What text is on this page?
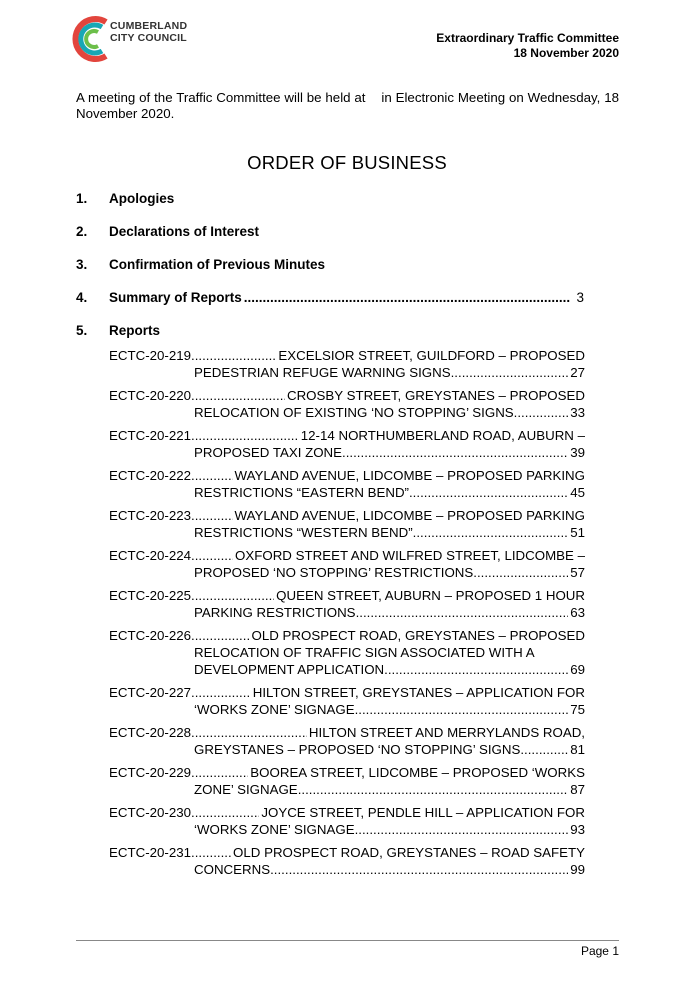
CUMBERLAND
CITY COUNCIL	Extraordinary Traffic Committee
18 November 2020
A meeting of the Traffic Committee will be held at in Electronic Meeting on Wednesday, 18 November 2020.
ORDER OF BUSINESS
1. Apologies
2. Declarations of Interest
3. Confirmation of Previous Minutes
4.	Summary of Reports .....	3
5. Reports
ECTC-20-219 .....	EXCELSIOR STREET, GUILDFORD – PROPOSED
PEDESTRIAN REFUGE WARNING SIGNS .....	27
ECTC-20-220 .....	CROSBY STREET, GREYSTANES – PROPOSED
RELOCATION OF EXISTING ‘NO STOPPING’ SIGNS .....	33
ECTC-20-221 .....	12-14 NORTHUMBERLAND ROAD, AUBURN –
PROPOSED TAXI ZONE .....	39
ECTC-20-222 .....	WAYLAND AVENUE, LIDCOMBE – PROPOSED PARKING
RESTRICTIONS “EASTERN BEND” .....	45
ECTC-20-223 .....	WAYLAND AVENUE, LIDCOMBE – PROPOSED PARKING
RESTRICTIONS “WESTERN BEND” .....	51
ECTC-20-224 .....	OXFORD STREET AND WILFRED STREET, LIDCOMBE –
PROPOSED ‘NO STOPPING’ RESTRICTIONS .....	57
ECTC-20-225 .....	QUEEN STREET, AUBURN – PROPOSED 1 HOUR
PARKING RESTRICTIONS .....	63
ECTC-20-226 .....	OLD PROSPECT ROAD, GREYSTANES – PROPOSED
RELOCATION OF TRAFFIC SIGN ASSOCIATED WITH A
DEVELOPMENT APPLICATION .....	69
ECTC-20-227 .....	HILTON STREET, GREYSTANES – APPLICATION FOR
‘WORKS ZONE’ SIGNAGE .....	75
ECTC-20-228 .....	HILTON STREET AND MERRYLANDS ROAD,
GREYSTANES – PROPOSED ‘NO STOPPING’ SIGNS .....	81
ECTC-20-229 .....	BOOREA STREET, LIDCOMBE – PROPOSED ‘WORKS
ZONE’ SIGNAGE .....	87
ECTC-20-230 .....	JOYCE STREET, PENDLE HILL – APPLICATION FOR
‘WORKS ZONE’ SIGNAGE .....	93
ECTC-20-231 .....	OLD PROSPECT ROAD, GREYSTANES – ROAD SAFETY
CONCERNS .....	99
Page 1
